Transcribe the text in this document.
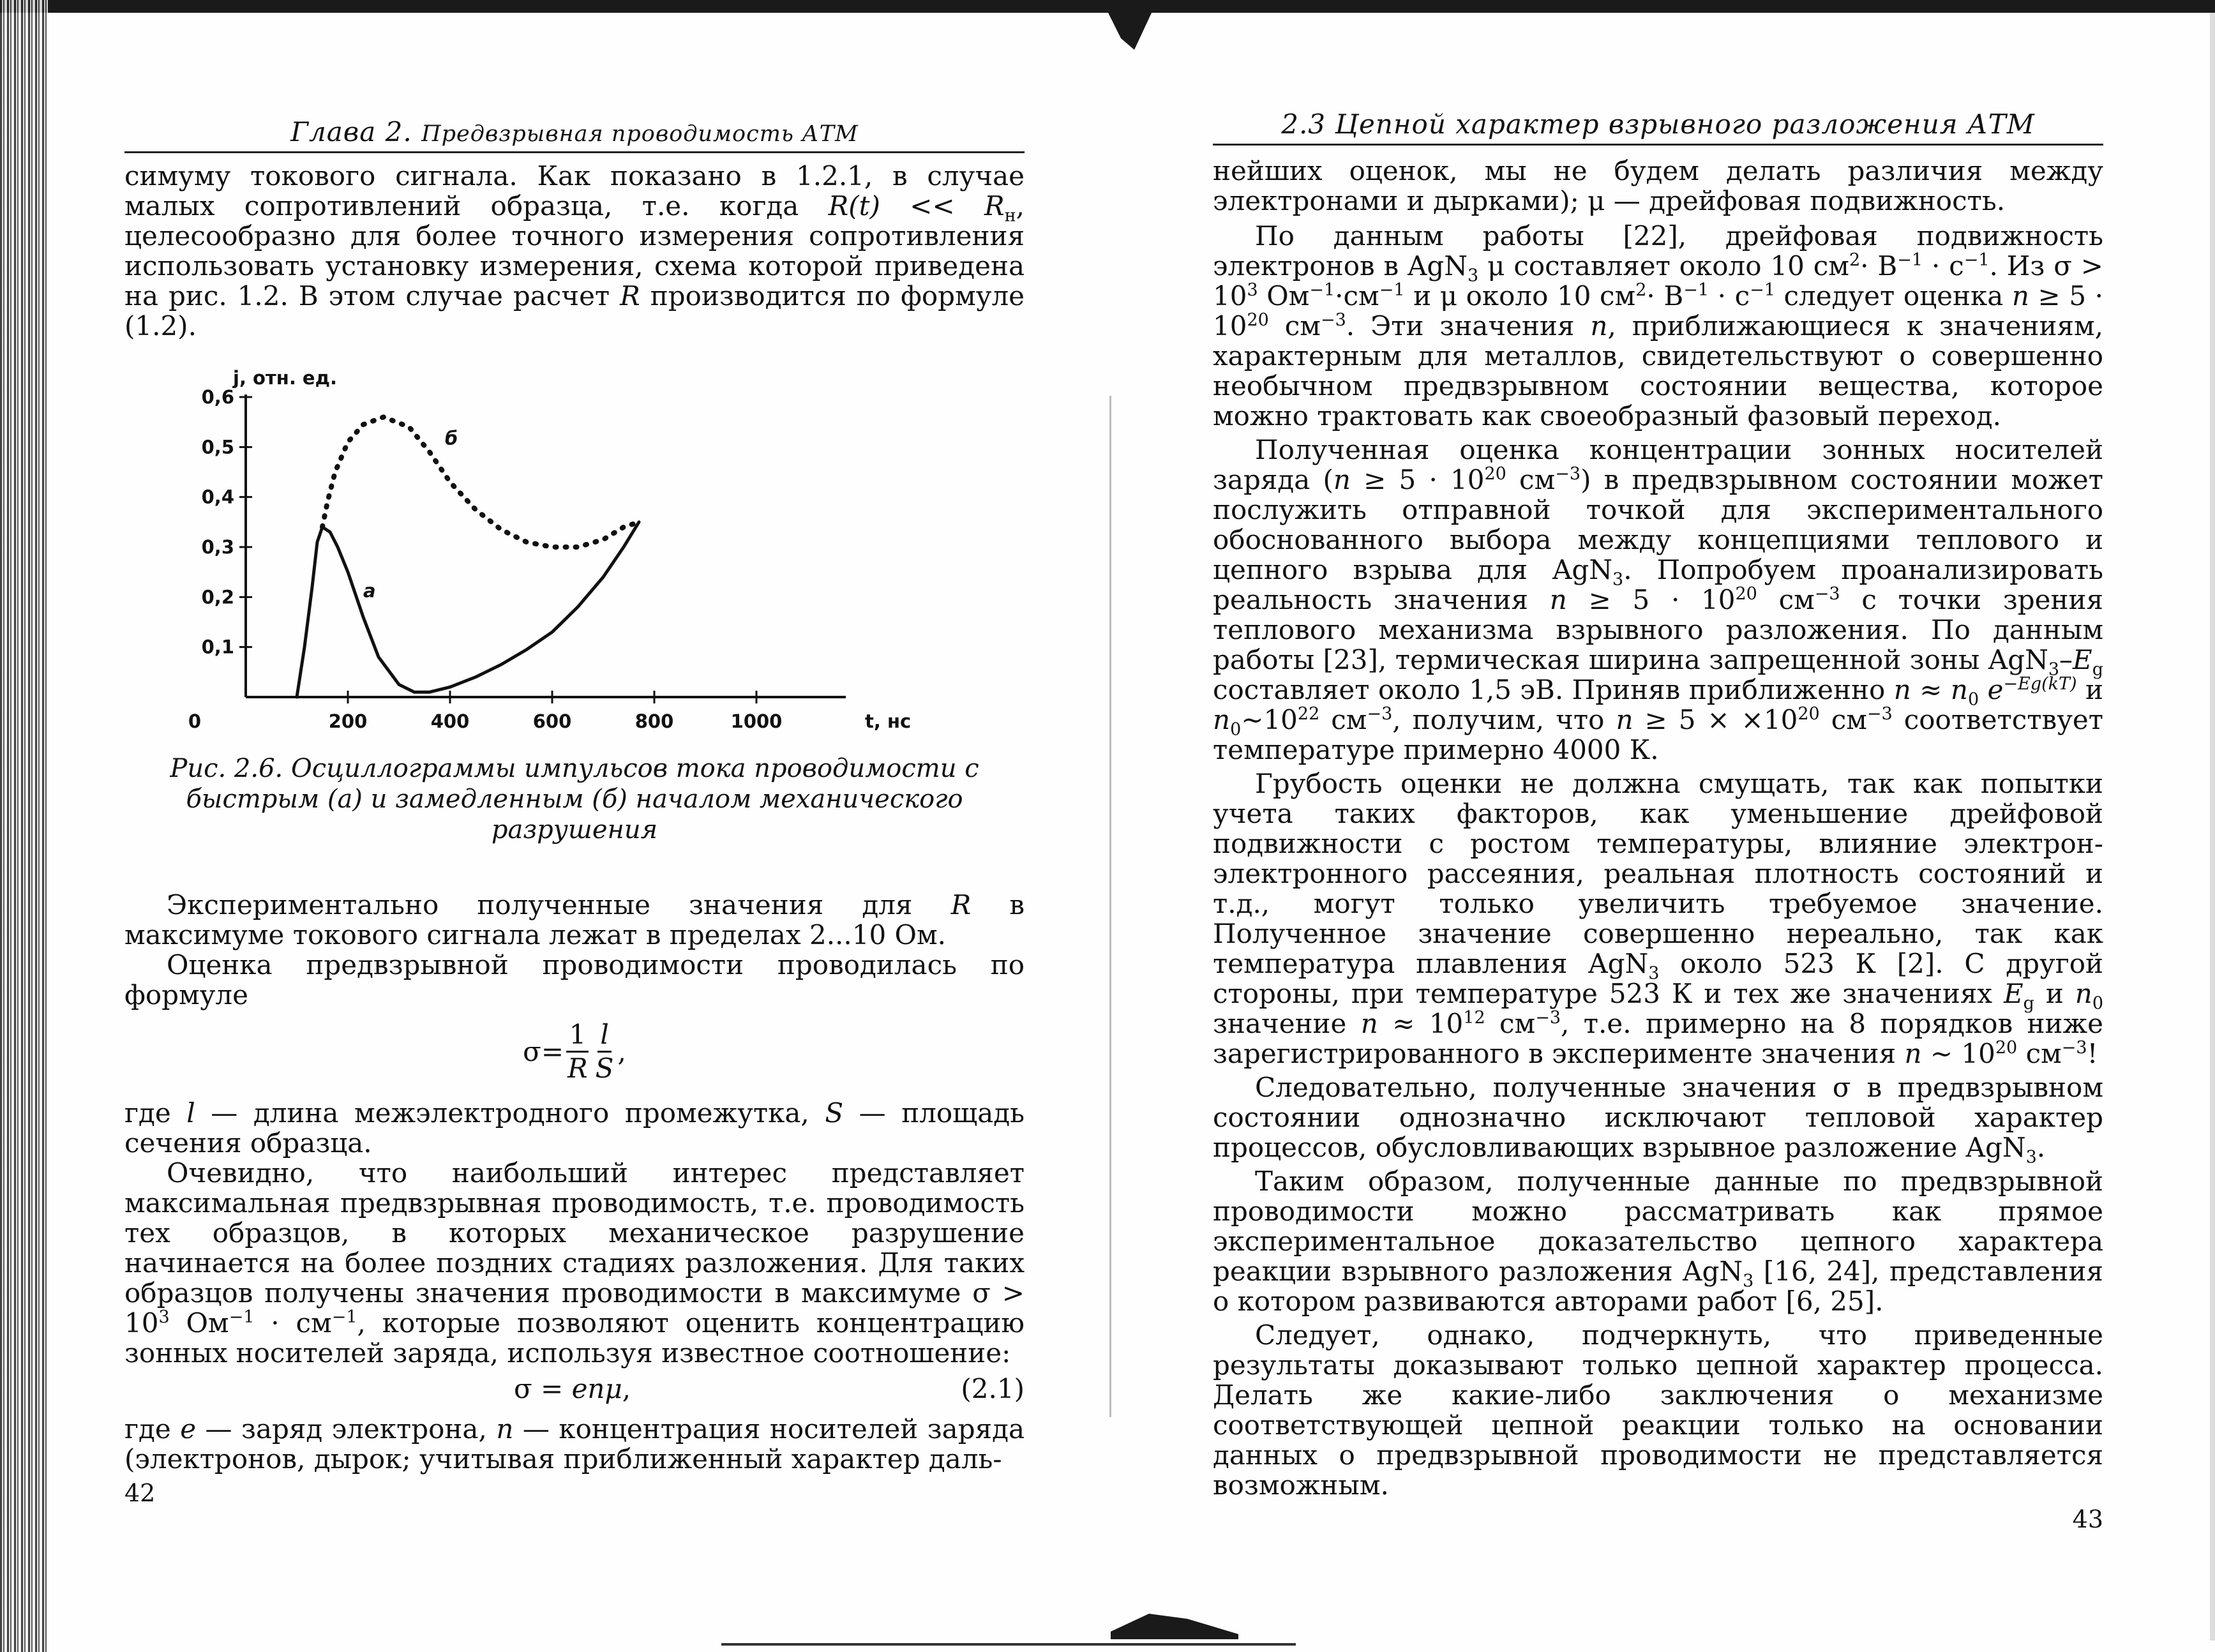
Глава 2. Предвзрывная проводимость АТМ

симуму токового сигнала. Как показано в 1.2.1, в случае малых сопротивлений образца, т.е. когда $R(t) << R_н$, целесообразно для более точного измерения сопротивления использовать установку измерения, схема которой приведена на рис. 1.2. В этом случае расчет R производится по формуле (1.2).

0,1
0,2
0,3
0,4
0,5
0,6
0	200	400	600	800	1000
j, отн. ед.
t, нс
а
б
Рис. 2.6. Осциллограммы импульсов тока проводимости с быстрым (а) и замедленным (б) началом механического разрушения

Экспериментально полученные значения для R в максимуме токового сигнала лежат в пределах 2...10 Ом.

Оценка предвзрывной проводимости проводилась по формуле

$\sigma= \frac{1}{R}$ l
S
,

где l — длина межэлектродного промежутка, S — площадь сечения образца.

Очевидно, что наибольший интерес представляет максимальная предвзрывная проводимость, т.е. проводимость тех образцов, в которых механическое разрушение начинается на более поздних стадиях разложения. Для таких образцов получены значения проводимости в максимуме $\sigma > 10^3$ $Ом^{-1} \cdot см^{-1}$, которые позволяют оценить концентрацию зонных носителей заряда, используя известное соотношение:

σ = enμ,	(2.1)

где e — заряд электрона, n — концентрация носителей заряда (электронов, дырок; учитывая приближенный характер даль-

42
2.3 Цепной характер взрывного разложения АТМ

нейших оценок, мы не будем делать различия между электронами и дырками); μ — дрейфовая подвижность.

По данным работы [22], дрейфовая подвижность электронов в AgN$_3$ μ составляет около 10 $см^2\cdot В^{-1} \cdot с^{-1}$. Из $\sigma > 10^3$ $Ом^{-1}\cdot см^{-1}$ и μ около 10 $см^2\cdot В^{-1} \cdot с^{-1}$ следует оценка $n \ge 5 \cdot 10^{20}$ $см^{-3}$. Эти значения n, приближающиеся к значениям, характерным для металлов, свидетельствуют о совершенно необычном предвзрывном состоянии вещества, которое можно трактовать как своеобразный фазовый переход.

Полученная оценка концентрации зонных носителей заряда ($n \ge 5 \cdot 10^{20}$ $см^{-3}$) в предвзрывном состоянии может послужить отправной точкой для экспериментального обоснованного выбора между концепциями теплового и цепного взрыва для AgN$_3$. Попробуем проанализировать реальность значения $n \ge 5 \cdot 10^{20}$ $см^{-3}$ с точки зрения теплового механизма взрывного разложения. По данным работы [23], термическая ширина запрещенной зоны $AgN_3-E_g$ составляет около 1,5 эВ. Приняв приближенно $n \approx n_0$ $e^{-Eg(kT)}$ и $n_0\sim 10^{22}$ $см^{-3}$, получим, что $n \ge 5 \times \times 10^{20}$ $см^{-3}$ соответствует температуре примерно 4000 К.

Грубость оценки не должна смущать, так как попытки учета таких факторов, как уменьшение дрейфовой подвижности с ростом температуры, влияние электрон-электронного рассеяния, реальная плотность состояний и т.д., могут только увеличить требуемое значение. Полученное значение совершенно нереально, так как температура плавления AgN$_3$ около 523 К [2]. С другой стороны, при температуре 523 К и тех же значениях $E_g$ и $n_0$ значение $n \approx 10^{12}$ $см^{-3}$, т.е. примерно на 8 порядков ниже зарегистрированного в эксперименте значения n ~ $10^{20}$ $см^{-3}$!

Следовательно, полученные значения σ в предвзрывном состоянии однозначно исключают тепловой характер процессов, обусловливающих взрывное разложение AgN$_3$.

Таким образом, полученные данные по предвзрывной проводимости можно рассматривать как прямое экспериментальное доказательство цепного характера реакции взрывного разложения AgN$_3$ [16, 24], представления о котором развиваются авторами работ [6, 25].

Следует, однако, подчеркнуть, что приведенные результаты доказывают только цепной характер процесса. Делать же какие-либо заключения о механизме соответствующей цепной реакции только на основании данных о предвзрывной проводимости не представляется возможным.

43
